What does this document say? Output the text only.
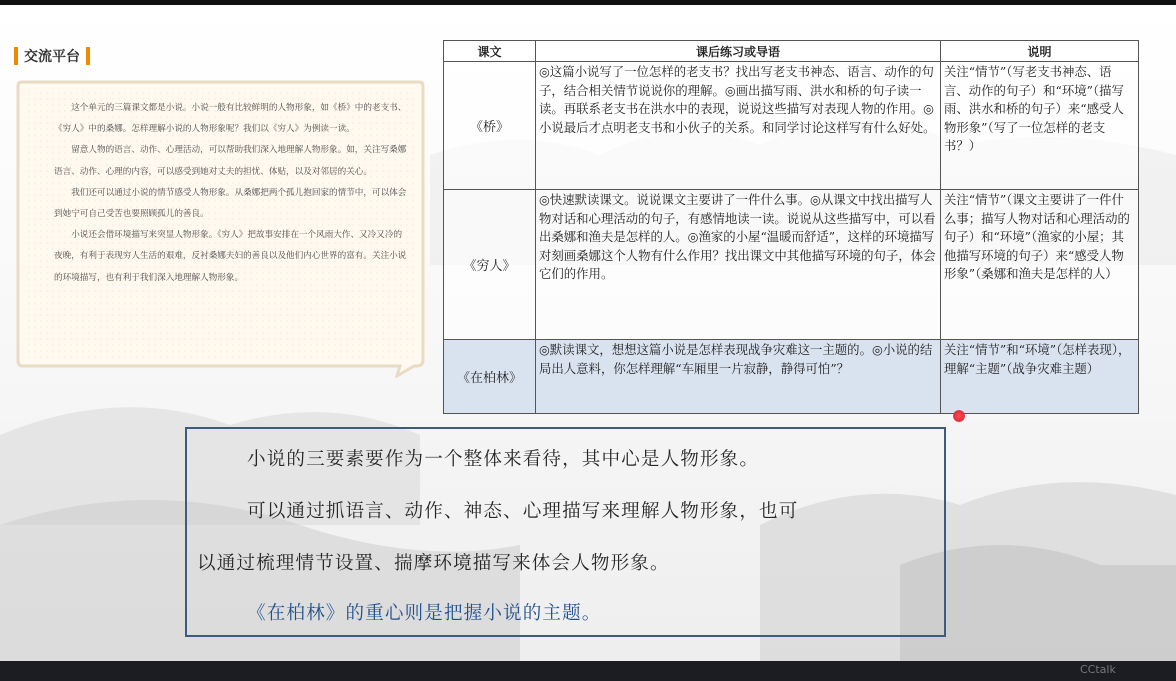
交流平台

这个单元的三篇课文都是小说。小说一般有比较鲜明的人物形象，如《桥》中的老支书、《穷人》中的桑娜。怎样理解小说的人物形象呢？我们以《穷人》为例读一读。

留意人物的语言、动作、心理活动，可以帮助我们深入地理解人物形象。如，关注写桑娜语言、动作、心理的内容，可以感受到她对丈夫的担忧、体贴，以及对邻居的关心。

我们还可以通过小说的情节感受人物形象。从桑娜把两个孤儿抱回家的情节中，可以体会到她宁可自己受苦也要照顾孤儿的善良。

小说还会借环境描写来突显人物形象。《穷人》把故事安排在一个风雨大作、又冷又冷的夜晚，有利于表现穷人生活的艰难，反衬桑娜夫妇的善良以及他们内心世界的富有。关注小说的环境描写，也有利于我们深入地理解人物形象。

课文	课后练习或导语	说明
《桥》	◎这篇小说写了一位怎样的老支书？找出写老支书神态、语言、动作的句子，结合相关情节说说你的理解。◎画出描写雨、洪水和桥的句子读一读。再联系老支书在洪水中的表现，说说这些描写对表现人物的作用。◎小说最后才点明老支书和小伙子的关系。和同学讨论这样写有什么好处。	关注“情节”（写老支书神态、语言、动作的句子）和“环境”（描写雨、洪水和桥的句子）来“感受人物形象”（写了一位怎样的老支书？）
《穷人》	◎快速默读课文。说说课文主要讲了一件什么事。◎从课文中找出描写人物对话和心理活动的句子，有感情地读一读。说说从这些描写中，可以看出桑娜和渔夫是怎样的人。◎渔家的小屋“温暖而舒适”，这样的环境描写对刻画桑娜这个人物有什么作用？找出课文中其他描写环境的句子，体会它们的作用。	关注“情节”（课文主要讲了一件什么事；描写人物对话和心理活动的句子）和“环境”（渔家的小屋；其他描写环境的句子）来“感受人物形象”（桑娜和渔夫是怎样的人）
《在柏林》	◎默读课文，想想这篇小说是怎样表现战争灾难这一主题的。◎小说的结局出人意料，你怎样理解“车厢里一片寂静，静得可怕”？	关注“情节”和“环境”（怎样表现），理解“主题”（战争灾难主题）
小说的三要素要作为一个整体来看待，其中心是人物形象。
可以通过抓语言、动作、神态、心理描写来理解人物形象，也可
以通过梳理情节设置、揣摩环境描写来体会人物形象。
《在柏林》的重心则是把握小说的主题。
CCtalk
